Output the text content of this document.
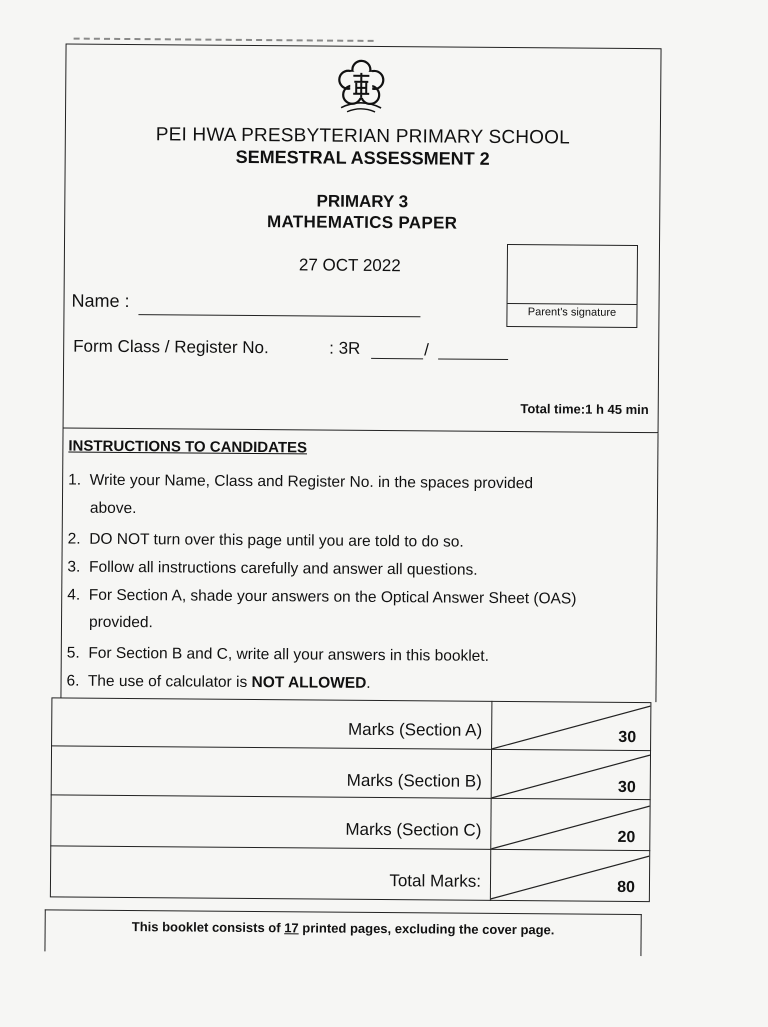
PEI HWA PRESBYTERIAN PRIMARY SCHOOL
SEMESTRAL ASSESSMENT 2
PRIMARY 3
MATHEMATICS PAPER
27 OCT 2022
Parent's signature
Name :
Form Class / Register No.	: 3R	/
Total time:1 h 45 min
INSTRUCTIONS TO CANDIDATES
1. Write your Name, Class and Register No. in the spaces provided
above.
2. DO NOT turn over this page until you are told to do so.
3. Follow all instructions carefully and answer all questions.
4. For Section A, shade your answers on the Optical Answer Sheet (OAS)
provided.
5. For Section B and C, write all your answers in this booklet.
6. The use of calculator is NOT ALLOWED.
Marks (Section A)	30
Marks (Section B)	30
Marks (Section C)	20
Total Marks:	80
This booklet consists of 17 printed pages, excluding the cover page.
